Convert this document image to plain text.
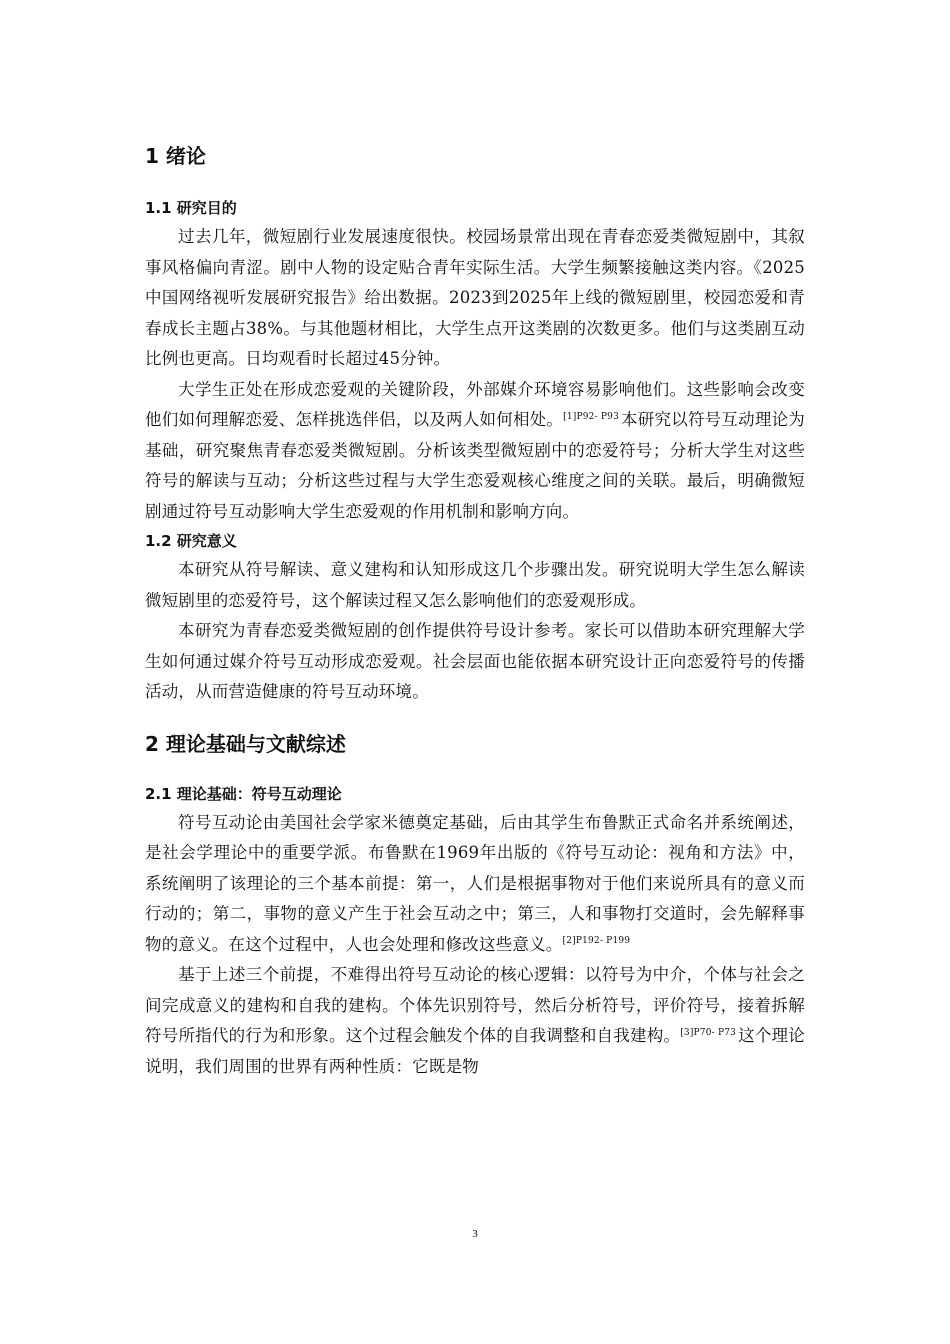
1 绪论
1.1 研究目的

过去几年，微短剧行业发展速度很快。校园场景常出现在青春恋爱类微短剧中，其叙事风格偏向青涩。剧中人物的设定贴合青年实际生活。大学生频繁接触这类内容。《2025中国网络视听发展研究报告》给出数据。2023到2025年上线的微短剧里，校园恋爱和青春成长主题占38%。与其他题材相比，大学生点开这类剧的次数更多。他们与这类剧互动比例也更高。日均观看时长超过45分钟。

大学生正处在形成恋爱观的关键阶段，外部媒介环境容易影响他们。这些影响会改变他们如何理解恋爱、怎样挑选伴侣，以及两人如何相处。$^{[1]P92- P93}$ 本研究以符号互动理论为基础，研究聚焦青春恋爱类微短剧。分析该类型微短剧中的恋爱符号；分析大学生对这些符号的解读与互动；分析这些过程与大学生恋爱观核心维度之间的关联。最后，明确微短剧通过符号互动影响大学生恋爱观的作用机制和影响方向。

1.2 研究意义

本研究从符号解读、意义建构和认知形成这几个步骤出发。研究说明大学生怎么解读微短剧里的恋爱符号，这个解读过程又怎么影响他们的恋爱观形成。

本研究为青春恋爱类微短剧的创作提供符号设计参考。家长可以借助本研究理解大学生如何通过媒介符号互动形成恋爱观。社会层面也能依据本研究设计正向恋爱符号的传播活动，从而营造健康的符号互动环境。

2 理论基础与文献综述
2.1 理论基础：符号互动理论

符号互动论由美国社会学家米德奠定基础，后由其学生布鲁默正式命名并系统阐述，是社会学理论中的重要学派。布鲁默在1969年出版的《符号互动论：视角和方法》中，系统阐明了该理论的三个基本前提：第一，人们是根据事物对于他们来说所具有的意义而行动的；第二，事物的意义产生于社会互动之中；第三，人和事物打交道时，会先解释事物的意义。在这个过程中，人也会处理和修改这些意义。$^{[2]P192- P199}$

基于上述三个前提，不难得出符号互动论的核心逻辑：以符号为中介，个体与社会之间完成意义的建构和自我的建构。个体先识别符号，然后分析符号，评价符号，接着拆解符号所指代的行为和形象。这个过程会触发个体的自我调整和自我建构。$^{[3]P70- P73}$ 这个理论说明，我们周围的世界有两种性质：它既是物

3
